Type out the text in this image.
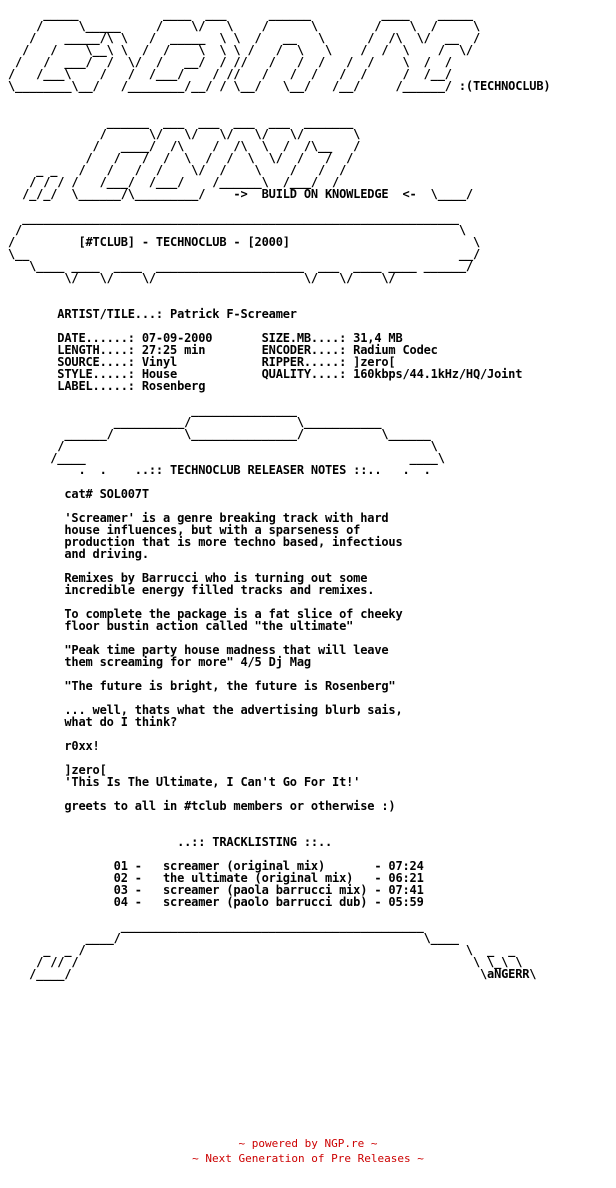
_____            ____  ___      ______          ____    _____
/     \_____     /    \/   \    /      \        /    \  /     \
/    _____/\ \   /  _____  \ \  /   __   \      /  /\  \/  __  /
/   /    \__\ \  /  /    \  \ \ /   /  \   \    /  /  \    /  \/
/   /  ___/  /  \/  /   __/  / //   /   /  /   /  /    \  /  /
/   /___\    /   /  /___/    / //   /   /  /   /  /     /  /__/
\________\__/   /________/__/ / \__/   \__/   /__/     /______/ :(TECHNOCLUB)

______  ___  ___  ___  ___  _______
/      \/   \/   \/   \/   \/       \
/   ____/  /\    /  /\  \  /  /\__   /
/   /   /  /  \  /  /  \  \/  /   /  /
_ _   /   /   /  /    \/  /    \    /   /  /
/ / / /   /___/  /___/    /______\  /___/  /
/_/_/  \______/\_________/    ->  BUILD ON KNOWLEDGE  <-  \____/

______________________________________________________________
/                                                              \
/         [#TCLUB] - TECHNOCLUB - [2000]                          \
\__                                                             __/
\____ ____  ____  _____________________  ___  ____ ____ ______/
\/   \/    \/                     \/   \/    \/

ARTIST/TILE...: Patrick F-Screamer

DATE......: 07-09-2000       SIZE.MB....: 31,4 MB
LENGTH....: 27:25 min        ENCODER....: Radium Codec
SOURCE....: Vinyl            RIPPER.....: ]zero[
STYLE.....: House            QUALITY....: 160kbps/44.1kHz/HQ/Joint
LABEL.....: Rosenberg

_______________
__________/               \___________
______/          \_______________/           \______
/                                                    \
/____                                              ____\
.  .    ..:: TECHNOCLUB RELEASER NOTES ::..   .  .

cat# SOL007T

'Screamer' is a genre breaking track with hard
house influences, but with a sparseness of
production that is more techno based, infectious
and driving.

Remixes by Barrucci who is turning out some
incredible energy filled tracks and remixes.

To complete the package is a fat slice of cheeky
floor bustin action called "the ultimate"

"Peak time party house madness that will leave
them screaming for more" 4/5 Dj Mag

"The future is bright, the future is Rosenberg"

... well, thats what the advertising blurb sais,
what do I think?

r0xx!

]zero[
'This Is The Ultimate, I Can't Go For It!'

greets to all in #tclub members or otherwise :)

..:: TRACKLISTING ::..

01 -   screamer (original mix)       - 07:24
02 -   the ultimate (original mix)   - 06:21
03 -   screamer (paola barrucci mix) - 07:41
04 -   screamer (paolo barrucci dub) - 05:59

___________________________________________
____/                                           \____
_  _ /                                                      \  _  _
/ // /                                                        \ \_\ \
/____/                                                          \aNGERR\
~ powered by NGP.re ~
~ Next Generation of Pre Releases ~
